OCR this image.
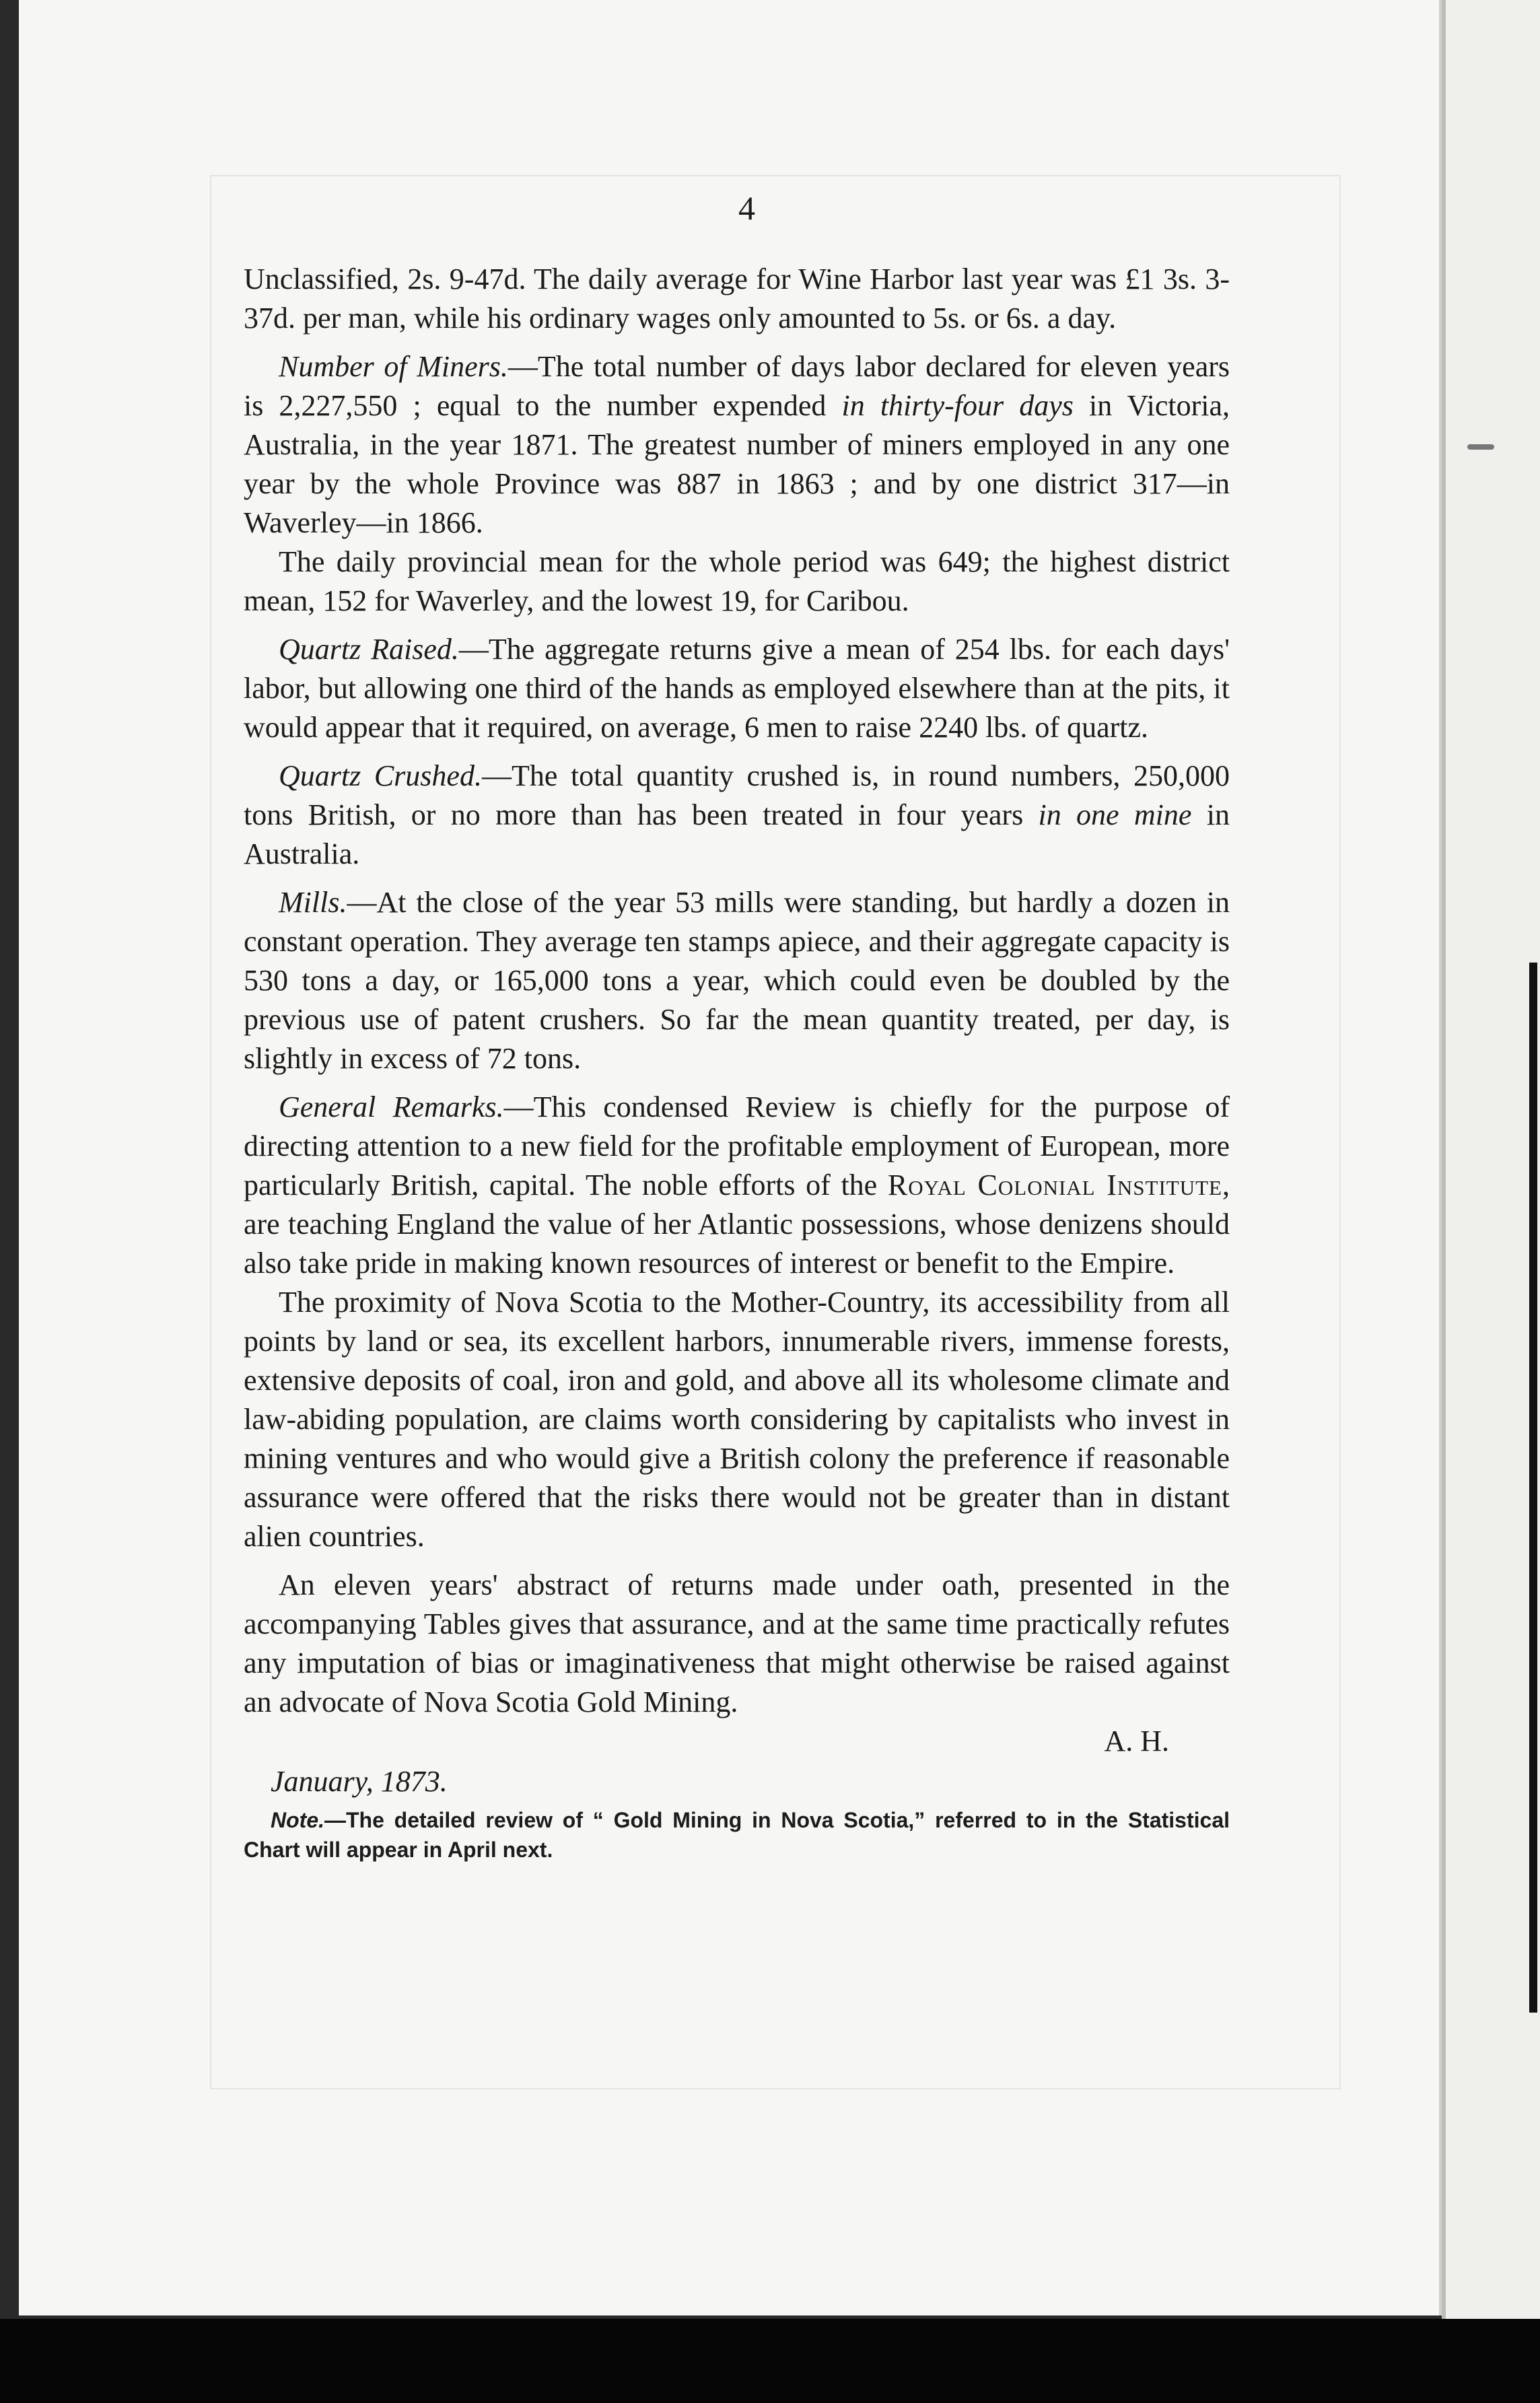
4

Unclassified, 2s. 9-47d. The daily average for Wine Harbor last year was £1 3s. 3-37d. per man, while his ordinary wages only amounted to 5s. or 6s. a day.

Number of Miners.—The total number of days labor declared for eleven years is 2,227,550 ; equal to the number expended in thirty-four days in Victoria, Australia, in the year 1871. The greatest number of miners employed in any one year by the whole Province was 887 in 1863 ; and by one district 317—in Waverley—in 1866.

The daily provincial mean for the whole period was 649; the highest district mean, 152 for Waverley, and the lowest 19, for Caribou.

Quartz Raised.—The aggregate returns give a mean of 254 lbs. for each days' labor, but allowing one third of the hands as employed elsewhere than at the pits, it would appear that it required, on average, 6 men to raise 2240 lbs. of quartz.

Quartz Crushed.—The total quantity crushed is, in round numbers, 250,000 tons British, or no more than has been treated in four years in one mine in Australia.

Mills.—At the close of the year 53 mills were standing, but hardly a dozen in constant operation. They average ten stamps apiece, and their aggregate capacity is 530 tons a day, or 165,000 tons a year, which could even be doubled by the previous use of patent crushers. So far the mean quantity treated, per day, is slightly in excess of 72 tons.

General Remarks.—This condensed Review is chiefly for the purpose of directing attention to a new field for the profitable employment of European, more particularly British, capital. The noble efforts of the Royal Colonial Institute, are teaching England the value of her Atlantic possessions, whose denizens should also take pride in making known resources of interest or benefit to the Empire.

The proximity of Nova Scotia to the Mother-Country, its accessibility from all points by land or sea, its excellent harbors, innumerable rivers, immense forests, extensive deposits of coal, iron and gold, and above all its wholesome climate and law-abiding population, are claims worth considering by capitalists who invest in mining ventures and who would give a British colony the preference if reasonable assurance were offered that the risks there would not be greater than in distant alien countries.

An eleven years' abstract of returns made under oath, presented in the accompanying Tables gives that assurance, and at the same time practically refutes any imputation of bias or imaginativeness that might otherwise be raised against an advocate of Nova Scotia Gold Mining.

A. H.
January, 1873.
Note.—The detailed review of “ Gold Mining in Nova Scotia,” referred to in the Statistical Chart will appear in April next.
